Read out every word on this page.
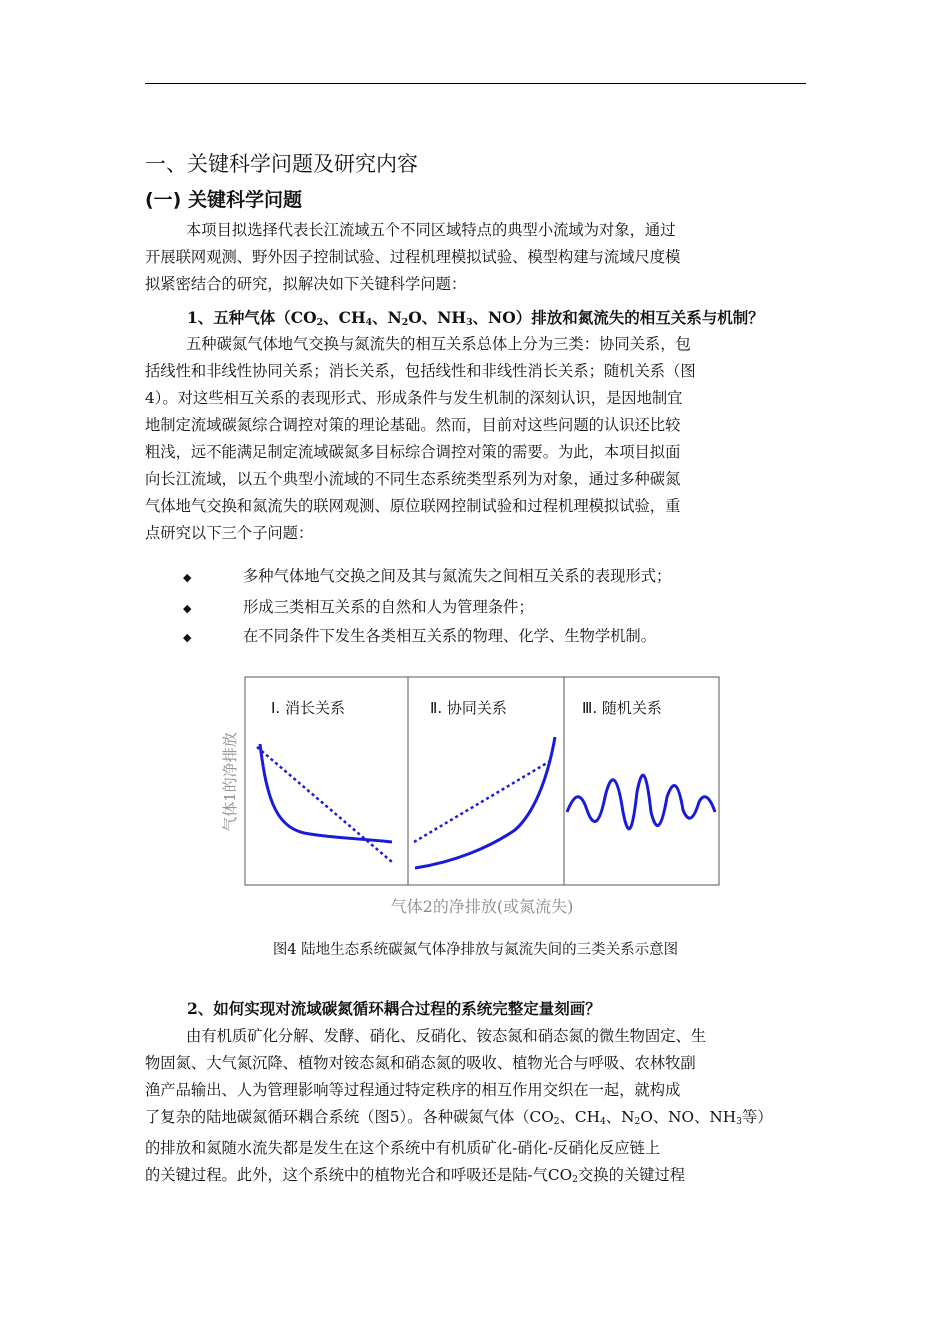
一、关键科学问题及研究内容
(一) 关键科学问题
本项目拟选择代表长江流域五个不同区域特点的典型小流域为对象，通过
开展联网观测、野外因子控制试验、过程机理模拟试验、模型构建与流域尺度模
拟紧密结合的研究，拟解决如下关键科学问题：
1、五种气体（$CO_2$、$CH_4$、$N_2O$、$NH_3$、NO）排放和氮流失的相互关系与机制？
五种碳氮气体地气交换与氮流失的相互关系总体上分为三类：协同关系，包
括线性和非线性协同关系；消长关系，包括线性和非线性消长关系；随机关系（图
4）。对这些相互关系的表现形式、形成条件与发生机制的深刻认识，是因地制宜
地制定流域碳氮综合调控对策的理论基础。然而，目前对这些问题的认识还比较
粗浅，远不能满足制定流域碳氮多目标综合调控对策的需要。为此，本项目拟面
向长江流域，以五个典型小流域的不同生态系统类型系列为对象，通过多种碳氮
气体地气交换和氮流失的联网观测、原位联网控制试验和过程机理模拟试验，重
点研究以下三个子问题：
◆	多种气体地气交换之间及其与氮流失之间相互关系的表现形式；
◆	形成三类相互关系的自然和人为管理条件；
◆	在不同条件下发生各类相互关系的物理、化学、生物学机制。
Ⅰ. 消长关系	Ⅱ. 协同关系	Ⅲ. 随机关系
气体1的净排放
气体2的净排放(或氮流失)
图4 陆地生态系统碳氮气体净排放与氮流失间的三类关系示意图
2、如何实现对流域碳氮循环耦合过程的系统完整定量刻画？
由有机质矿化分解、发酵、硝化、反硝化、铵态氮和硝态氮的微生物固定、生
物固氮、大气氮沉降、植物对铵态氮和硝态氮的吸收、植物光合与呼吸、农林牧副
渔产品输出、人为管理影响等过程通过特定秩序的相互作用交织在一起，就构成
了复杂的陆地碳氮循环耦合系统（图5）。各种碳氮气体（$CO_2$、$CH_4$、$N_2O$、NO、$NH_3$等）
的排放和氮随水流失都是发生在这个系统中有机质矿化-硝化-反硝化反应链上
的关键过程。此外，这个系统中的植物光合和呼吸还是陆-气$CO_2$交换的关键过程
